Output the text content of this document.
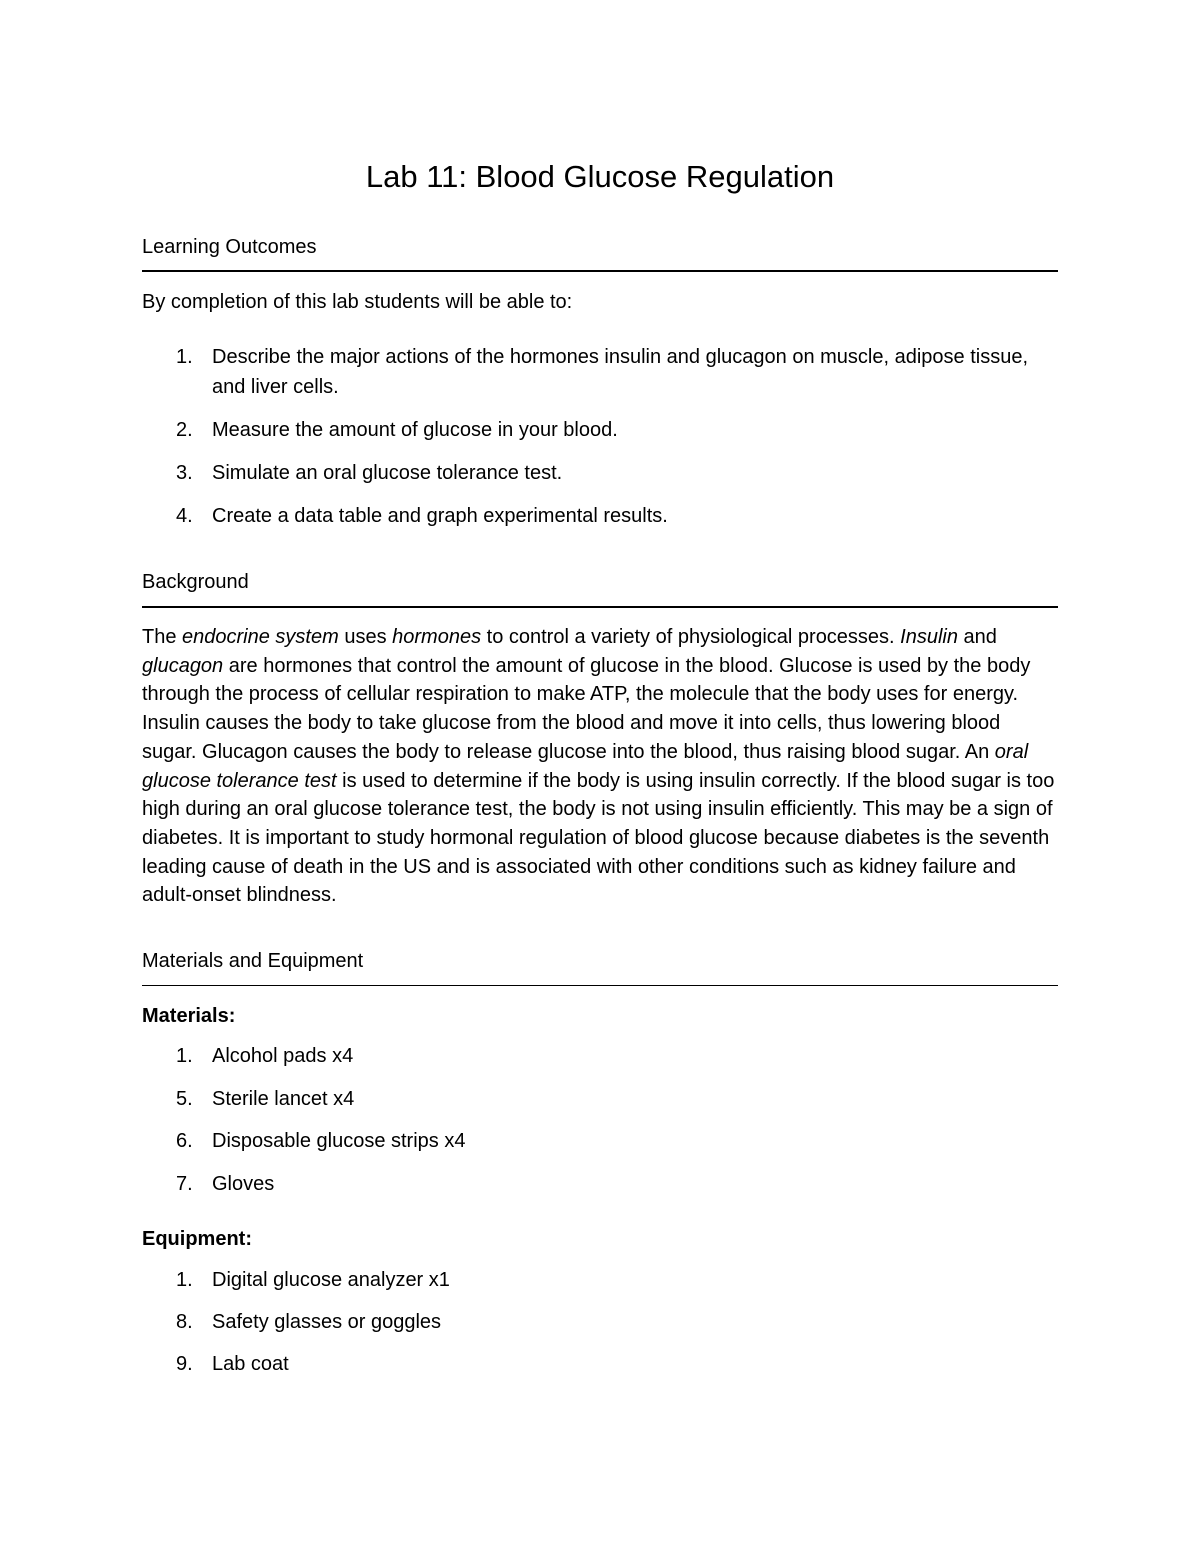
Lab 11: Blood Glucose Regulation
Learning Outcomes

By completion of this lab students will be able to:

1. Describe the major actions of the hormones insulin and glucagon on muscle, adipose tissue, and liver cells.
2. Measure the amount of glucose in your blood.
3. Simulate an oral glucose tolerance test.
4. Create a data table and graph experimental results.
Background

The endocrine system uses hormones to control a variety of physiological processes. Insulin and glucagon are hormones that control the amount of glucose in the blood. Glucose is used by the body through the process of cellular respiration to make ATP, the molecule that the body uses for energy. Insulin causes the body to take glucose from the blood and move it into cells, thus lowering blood sugar. Glucagon causes the body to release glucose into the blood, thus raising blood sugar. An oral glucose tolerance test is used to determine if the body is using insulin correctly. If the blood sugar is too high during an oral glucose tolerance test, the body is not using insulin efficiently. This may be a sign of diabetes. It is important to study hormonal regulation of blood glucose because diabetes is the seventh leading cause of death in the US and is associated with other conditions such as kidney failure and adult-onset blindness.

Materials and Equipment

Materials:

1. Alcohol pads x4
5. Sterile lancet x4
6. Disposable glucose strips x4
7. Gloves

Equipment:

1. Digital glucose analyzer x1
8. Safety glasses or goggles
9. Lab coat
